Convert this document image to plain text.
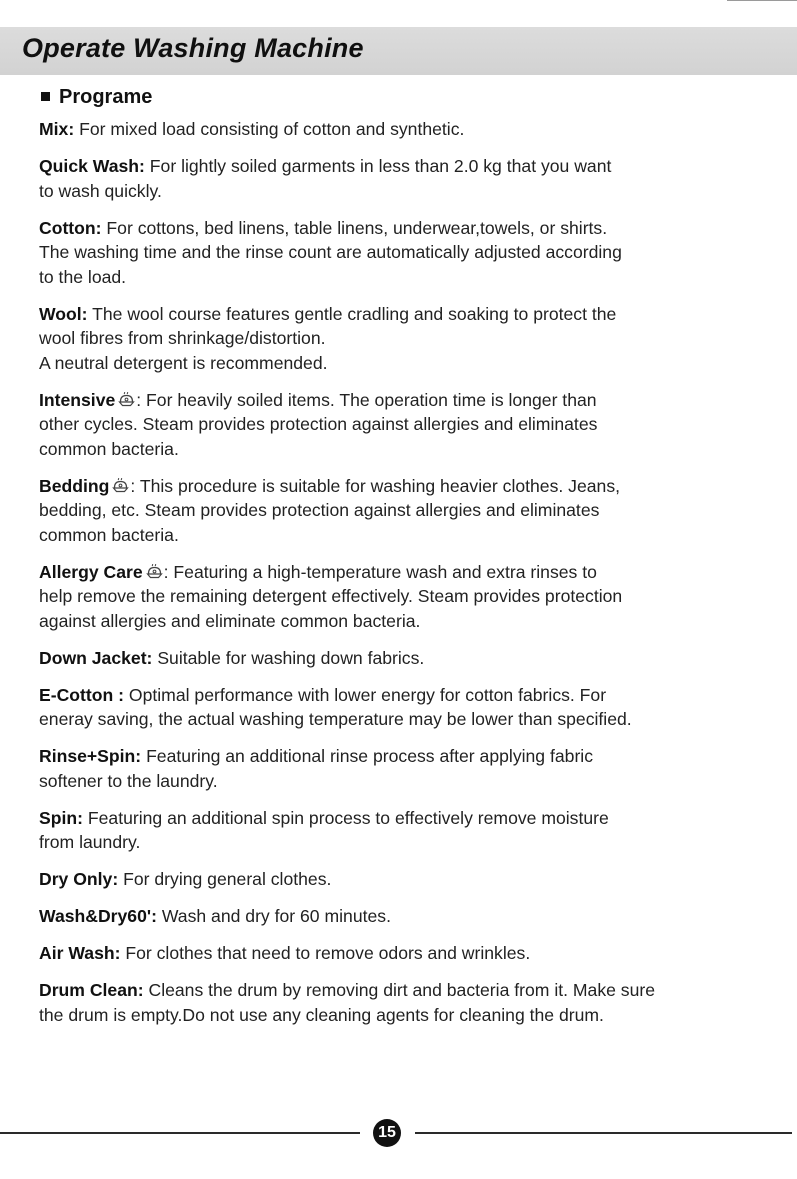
Operate Washing Machine
Programe

Mix: For mixed load consisting of cotton and synthetic.

Quick Wash: For lightly soiled garments in less than 2.0 kg that you want
to wash quickly.

Cotton: For cottons, bed linens, table linens, underwear,towels, or shirts.
The washing time and the rinse count are automatically adjusted according
to the load.

Wool: The wool course features gentle cradling and soaking to protect the
wool fibres from shrinkage/distortion.
A neutral detergent is recommended.

Intensive : For heavily soiled items. The operation time is longer than
other cycles. Steam provides protection against allergies and eliminates
common bacteria.

Bedding : This procedure is suitable for washing heavier clothes. Jeans,
bedding, etc. Steam provides protection against allergies and eliminates
common bacteria.

Allergy Care : Featuring a high-temperature wash and extra rinses to
help remove the remaining detergent effectively. Steam provides protection
against allergies and eliminate common bacteria.

Down Jacket: Suitable for washing down fabrics.

E-Cotton : Optimal performance with lower energy for cotton fabrics. For
eneray saving, the actual washing temperature may be lower than specified.

Rinse+Spin: Featuring an additional rinse process after applying fabric
softener to the laundry.

Spin: Featuring an additional spin process to effectively remove moisture
from laundry.

Dry Only: For drying general clothes.

Wash&Dry60': Wash and dry for 60 minutes.

Air Wash: For clothes that need to remove odors and wrinkles.

Drum Clean: Cleans the drum by removing dirt and bacteria from it. Make sure
the drum is empty.Do not use any cleaning agents for cleaning the drum.

15
